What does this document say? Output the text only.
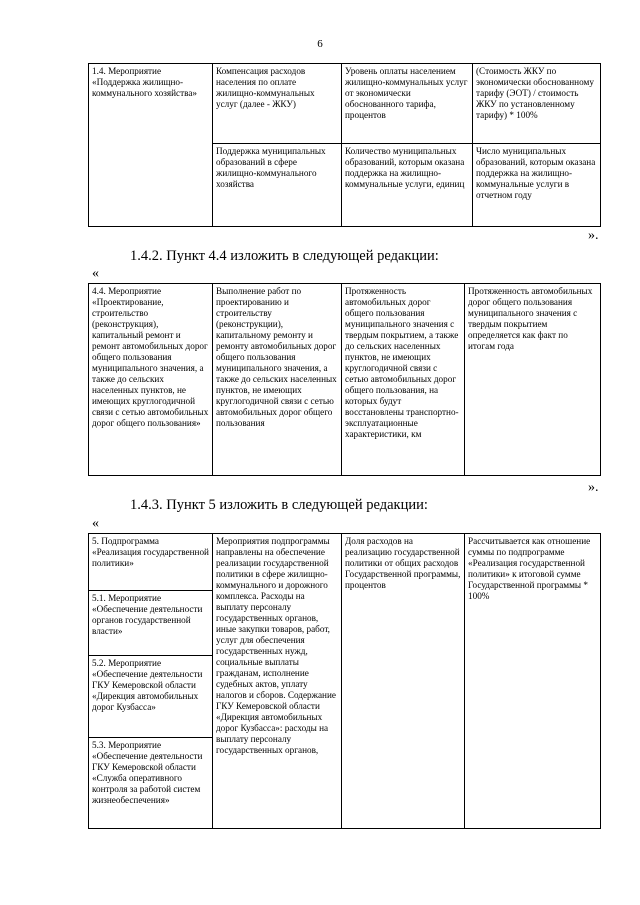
6
1.4. Мероприятие «Поддержка жилищно-коммунального хозяйства»	Компенсация расходов населения по оплате жилищно-коммунальных услуг (далее - ЖКУ)	Уровень оплаты населением жилищно-коммунальных услуг от экономически обоснованного тарифа, процентов	(Стоимость ЖКУ по экономически обоснованному тарифу (ЭОТ) / стоимость ЖКУ по установленному тарифу) * 100%
	Поддержка муниципальных образований в сфере жилищно-коммунального хозяйства	Количество муниципальных образований, которым оказана поддержка на жилищно-коммунальные услуги, единиц	Число муниципальных образований, которым оказана поддержка на жилищно-коммунальные услуги в отчетном году
».
1.4.2. Пункт 4.4 изложить в следующей редакции:
«
4.4. Мероприятие «Проектирование, строительство (реконструкция), капитальный ремонт и ремонт автомобильных дорог общего пользования муниципального значения, а также до сельских населенных пунктов, не имеющих круглогодичной связи с сетью автомобильных дорог общего пользования»	Выполнение работ по проектированию и строительству (реконструкции), капитальному ремонту и ремонту автомобильных дорог общего пользования муниципального значения, а также до сельских населенных пунктов, не имеющих круглогодичной связи с сетью автомобильных дорог общего пользования	Протяженность автомобильных дорог общего пользования муниципального значения с твердым покрытием, а также до сельских населенных пунктов, не имеющих круглогодичной связи с сетью автомобильных дорог общего пользования, на которых будут восстановлены транспортно-эксплуатационные характеристики, км	Протяженность автомобильных дорог общего пользования муниципального значения с твердым покрытием определяется как факт по итогам года
».
1.4.3. Пункт 5 изложить в следующей редакции:
«
5. Подпрограмма «Реализация государственной политики»	Мероприятия подпрограммы направлены на обеспечение реализации государственной политики в сфере жилищно-коммунального и дорожного комплекса. Расходы на выплату персоналу государственных органов, иные закупки товаров, работ, услуг для обеспечения государственных нужд, социальные выплаты гражданам, исполнение судебных актов, уплату налогов и сборов. Содержание ГКУ Кемеровской области «Дирекция автомобильных дорог Кузбасса»: расходы на выплату персоналу государственных органов,	Доля расходов на реализацию государственной политики от общих расходов Государственной программы, процентов	Рассчитывается как отношение суммы по подпрограмме «Реализация государственной политики» к итоговой сумме Государственной программы * 100%
5.1. Мероприятие «Обеспечение деятельности органов государственной власти»
5.2. Мероприятие «Обеспечение деятельности ГКУ Кемеровской области «Дирекция автомобильных дорог Кузбасса»
5.3. Мероприятие «Обеспечение деятельности ГКУ Кемеровской области «Служба оперативного контроля за работой систем жизнеобеспечения»
